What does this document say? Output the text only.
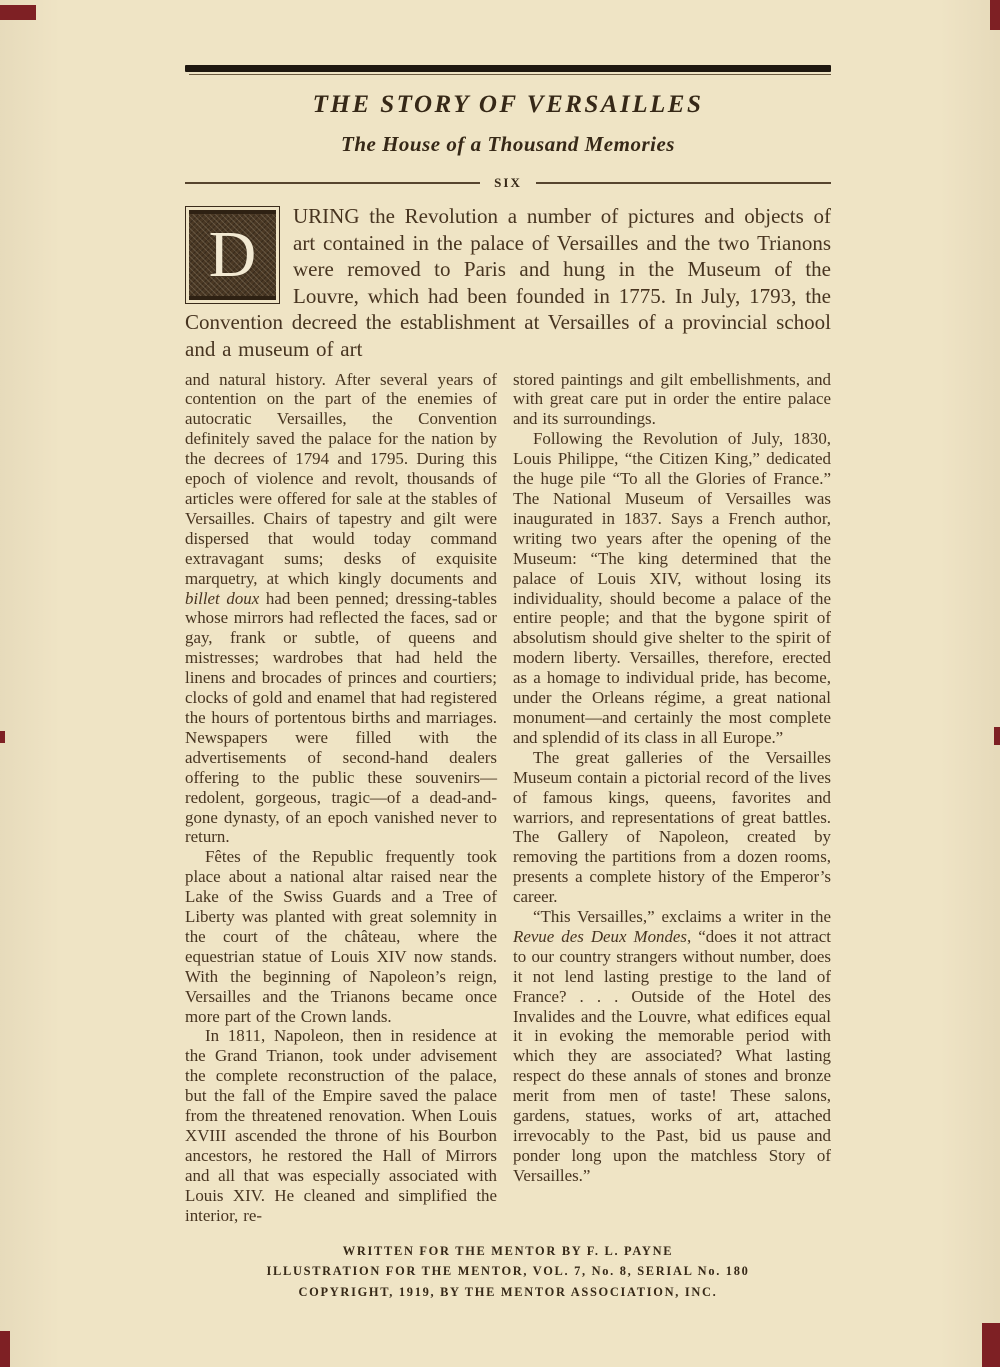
THE STORY OF VERSAILLES
The House of a Thousand Memories
SIX
D
URING the Revolution a number of pictures and objects of art contained in the palace of Versailles and the two Trianons were removed to Paris and hung in the Museum of the Louvre, which had been founded in 1775. In July, 1793, the Convention decreed the establishment at Versailles of a provincial school and a museum of art

and natural history. After several years of contention on the part of the enemies of autocratic Versailles, the Convention definitely saved the palace for the nation by the decrees of 1794 and 1795. During this epoch of violence and revolt, thousands of articles were offered for sale at the stables of Versailles. Chairs of tapestry and gilt were dispersed that would today command extravagant sums; desks of exquisite marquetry, at which kingly documents and billet doux had been penned; dressing-tables whose mirrors had reflected the faces, sad or gay, frank or subtle, of queens and mistresses; wardrobes that had held the linens and brocades of princes and courtiers; clocks of gold and enamel that had registered the hours of portentous births and marriages. Newspapers were filled with the advertisements of second-hand dealers offering to the public these souvenirs—redolent, gorgeous, tragic—of a dead-and-gone dynasty, of an epoch vanished never to return.

Fêtes of the Republic frequently took place about a national altar raised near the Lake of the Swiss Guards and a Tree of Liberty was planted with great solemnity in the court of the château, where the equestrian statue of Louis XIV now stands. With the beginning of Napoleon’s reign, Versailles and the Trianons became once more part of the Crown lands.

In 1811, Napoleon, then in residence at the Grand Trianon, took under advisement the complete reconstruction of the palace, but the fall of the Empire saved the palace from the threatened renovation. When Louis XVIII ascended the throne of his Bourbon ancestors, he restored the Hall of Mirrors and all that was especially associated with Louis XIV. He cleaned and simplified the interior, re-

stored paintings and gilt embellishments, and with great care put in order the entire palace and its surroundings.

Following the Revolution of July, 1830, Louis Philippe, “the Citizen King,” dedicated the huge pile “To all the Glories of France.” The National Museum of Versailles was inaugurated in 1837. Says a French author, writing two years after the opening of the Museum: “The king determined that the palace of Louis XIV, without losing its individuality, should become a palace of the entire people; and that the bygone spirit of absolutism should give shelter to the spirit of modern liberty. Versailles, therefore, erected as a homage to individual pride, has become, under the Orleans régime, a great national monument—and certainly the most complete and splendid of its class in all Europe.”

The great galleries of the Versailles Museum contain a pictorial record of the lives of famous kings, queens, favorites and warriors, and representations of great battles. The Gallery of Napoleon, created by removing the partitions from a dozen rooms, presents a complete history of the Emperor’s career.

“This Versailles,” exclaims a writer in the Revue des Deux Mondes, “does it not attract to our country strangers without number, does it not lend lasting prestige to the land of France? . . . Outside of the Hotel des Invalides and the Louvre, what edifices equal it in evoking the memorable period with which they are associated? What lasting respect do these annals of stones and bronze merit from men of taste! These salons, gardens, statues, works of art, attached irrevocably to the Past, bid us pause and ponder long upon the matchless Story of Versailles.”

WRITTEN FOR THE MENTOR BY F. L. PAYNE
ILLUSTRATION FOR THE MENTOR, VOL. 7, No. 8, SERIAL No. 180
COPYRIGHT, 1919, BY THE MENTOR ASSOCIATION, INC.
